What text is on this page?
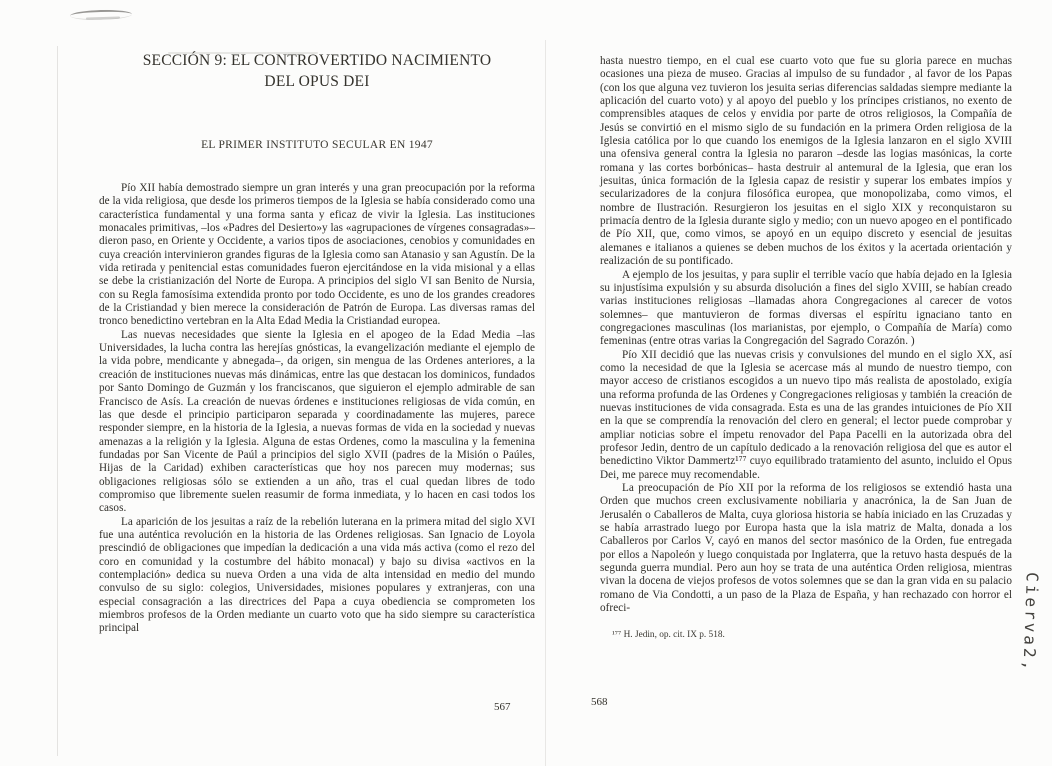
SECCIÓN 9: EL CONTROVERTIDO NACIMIENTO DEL OPUS DEI
EL PRIMER INSTITUTO SECULAR EN 1947

Pío XII había demostrado siempre un gran interés y una gran preocupación por la reforma de la vida religiosa, que desde los primeros tiempos de la Iglesia se había considerado como una característica fundamental y una forma santa y eficaz de vivir la Iglesia. Las instituciones monacales primitivas, –los «Padres del Desierto»y las «agrupaciones de vírgenes consagradas»– dieron paso, en Oriente y Occidente, a varios tipos de asociaciones, cenobios y comunidades en cuya creación intervinieron grandes figuras de la Iglesia como san Atanasio y san Agustín. De la vida retirada y penitencial estas comunidades fueron ejercitándose en la vida misional y a ellas se debe la cristianización del Norte de Europa. A principios del siglo VI san Benito de Nursia, con su Regla famosísima extendida pronto por todo Occidente, es uno de los grandes creadores de la Cristiandad y bien merece la consideración de Patrón de Europa. Las diversas ramas del tronco benedictino vertebran en la Alta Edad Media la Cristiandad europea.

Las nuevas necesidades que siente la Iglesia en el apogeo de la Edad Media –las Universidades, la lucha contra las herejías gnósticas, la evangelización mediante el ejemplo de la vida pobre, mendicante y abnegada–, da origen, sin mengua de las Ordenes anteriores, a la creación de instituciones nuevas más dinámicas, entre las que destacan los dominicos, fundados por Santo Domingo de Guzmán y los franciscanos, que siguieron el ejemplo admirable de san Francisco de Asís. La creación de nuevas órdenes e instituciones religiosas de vida común, en las que desde el principio participaron separada y coordinadamente las mujeres, parece responder siempre, en la historia de la Iglesia, a nuevas formas de vida en la sociedad y nuevas amenazas a la religión y la Iglesia. Alguna de estas Ordenes, como la masculina y la femenina fundadas por San Vicente de Paúl a principios del siglo XVII (padres de la Misión o Paúles, Hijas de la Caridad) exhiben características que hoy nos parecen muy modernas; sus obligaciones religiosas sólo se extienden a un año, tras el cual quedan libres de todo compromiso que libremente suelen reasumir de forma inmediata, y lo hacen en casi todos los casos.

La aparición de los jesuitas a raíz de la rebelión luterana en la primera mitad del siglo XVI fue una auténtica revolución en la historia de las Ordenes religiosas. San Ignacio de Loyola prescindió de obligaciones que impedían la dedicación a una vida más activa (como el rezo del coro en comunidad y la costumbre del hábito monacal) y bajo su divisa «activos en la contemplación» dedica su nueva Orden a una vida de alta intensidad en medio del mundo convulso de su siglo: colegios, Universidades, misiones populares y extranjeras, con una especial consagración a las directrices del Papa a cuya obediencia se comprometen los miembros profesos de la Orden mediante un cuarto voto que ha sido siempre su característica principal

hasta nuestro tiempo, en el cual ese cuarto voto que fue su gloria parece en muchas ocasiones una pieza de museo. Gracias al impulso de su fundador , al favor de los Papas (con los que alguna vez tuvieron los jesuita serias diferencias saldadas siempre mediante la aplicación del cuarto voto) y al apoyo del pueblo y los príncipes cristianos, no exento de comprensibles ataques de celos y envidia por parte de otros religiosos, la Compañía de Jesús se convirtió en el mismo siglo de su fundación en la primera Orden religiosa de la Iglesia católica por lo que cuando los enemigos de la Iglesia lanzaron en el siglo XVIII una ofensiva general contra la Iglesia no pararon –desde las logias masónicas, la corte romana y las cortes borbónicas– hasta destruir al antemural de la Iglesia, que eran los jesuitas, única formación de la Iglesia capaz de resistir y superar los embates impíos y secularizadores de la conjura filosófica europea, que monopolizaba, como vimos, el nombre de Ilustración. Resurgieron los jesuitas en el siglo XIX y reconquistaron su primacía dentro de la Iglesia durante siglo y medio; con un nuevo apogeo en el pontificado de Pío XII, que, como vimos, se apoyó en un equipo discreto y esencial de jesuitas alemanes e italianos a quienes se deben muchos de los éxitos y la acertada orientación y realización de su pontificado.

A ejemplo de los jesuitas, y para suplir el terrible vacío que había dejado en la Iglesia su injustísima expulsión y su absurda disolución a fines del siglo XVIII, se habían creado varias instituciones religiosas –llamadas ahora Congregaciones al carecer de votos solemnes– que mantuvieron de formas diversas el espíritu ignaciano tanto en congregaciones masculinas (los marianistas, por ejemplo, o Compañía de María) como femeninas (entre otras varias la Congregación del Sagrado Corazón. )

Pío XII decidió que las nuevas crisis y convulsiones del mundo en el siglo XX, así como la necesidad de que la Iglesia se acercase más al mundo de nuestro tiempo, con mayor acceso de cristianos escogidos a un nuevo tipo más realista de apostolado, exigía una reforma profunda de las Ordenes y Congregaciones religiosas y también la creación de nuevas instituciones de vida consagrada. Esta es una de las grandes intuiciones de Pío XII en la que se comprendía la renovación del clero en general; el lector puede comprobar y ampliar noticias sobre el ímpetu renovador del Papa Pacelli en la autorizada obra del profesor Jedin, dentro de un capítulo dedicado a la renovación religiosa del que es autor el benedictino Viktor Dammertz¹⁷⁷ cuyo equilibrado tratamiento del asunto, incluido el Opus Dei, me parece muy recomendable.

La preocupación de Pío XII por la reforma de los religiosos se extendió hasta una Orden que muchos creen exclusivamente nobiliaria y anacrónica, la de San Juan de Jerusalén o Caballeros de Malta, cuya gloriosa historia se había iniciado en las Cruzadas y se había arrastrado luego por Europa hasta que la isla matriz de Malta, donada a los Caballeros por Carlos V, cayó en manos del sector masónico de la Orden, fue entregada por ellos a Napoleón y luego conquistada por Inglaterra, que la retuvo hasta después de la segunda guerra mundial. Pero aun hoy se trata de una auténtica Orden religiosa, mientras vivan la docena de viejos profesos de votos solemnes que se dan la gran vida en su palacio romano de Via Condotti, a un paso de la Plaza de España, y han rechazado con horror el ofreci-

¹⁷⁷ H. Jedin, op. cit. IX p. 518.
567	568
Cierva2,
